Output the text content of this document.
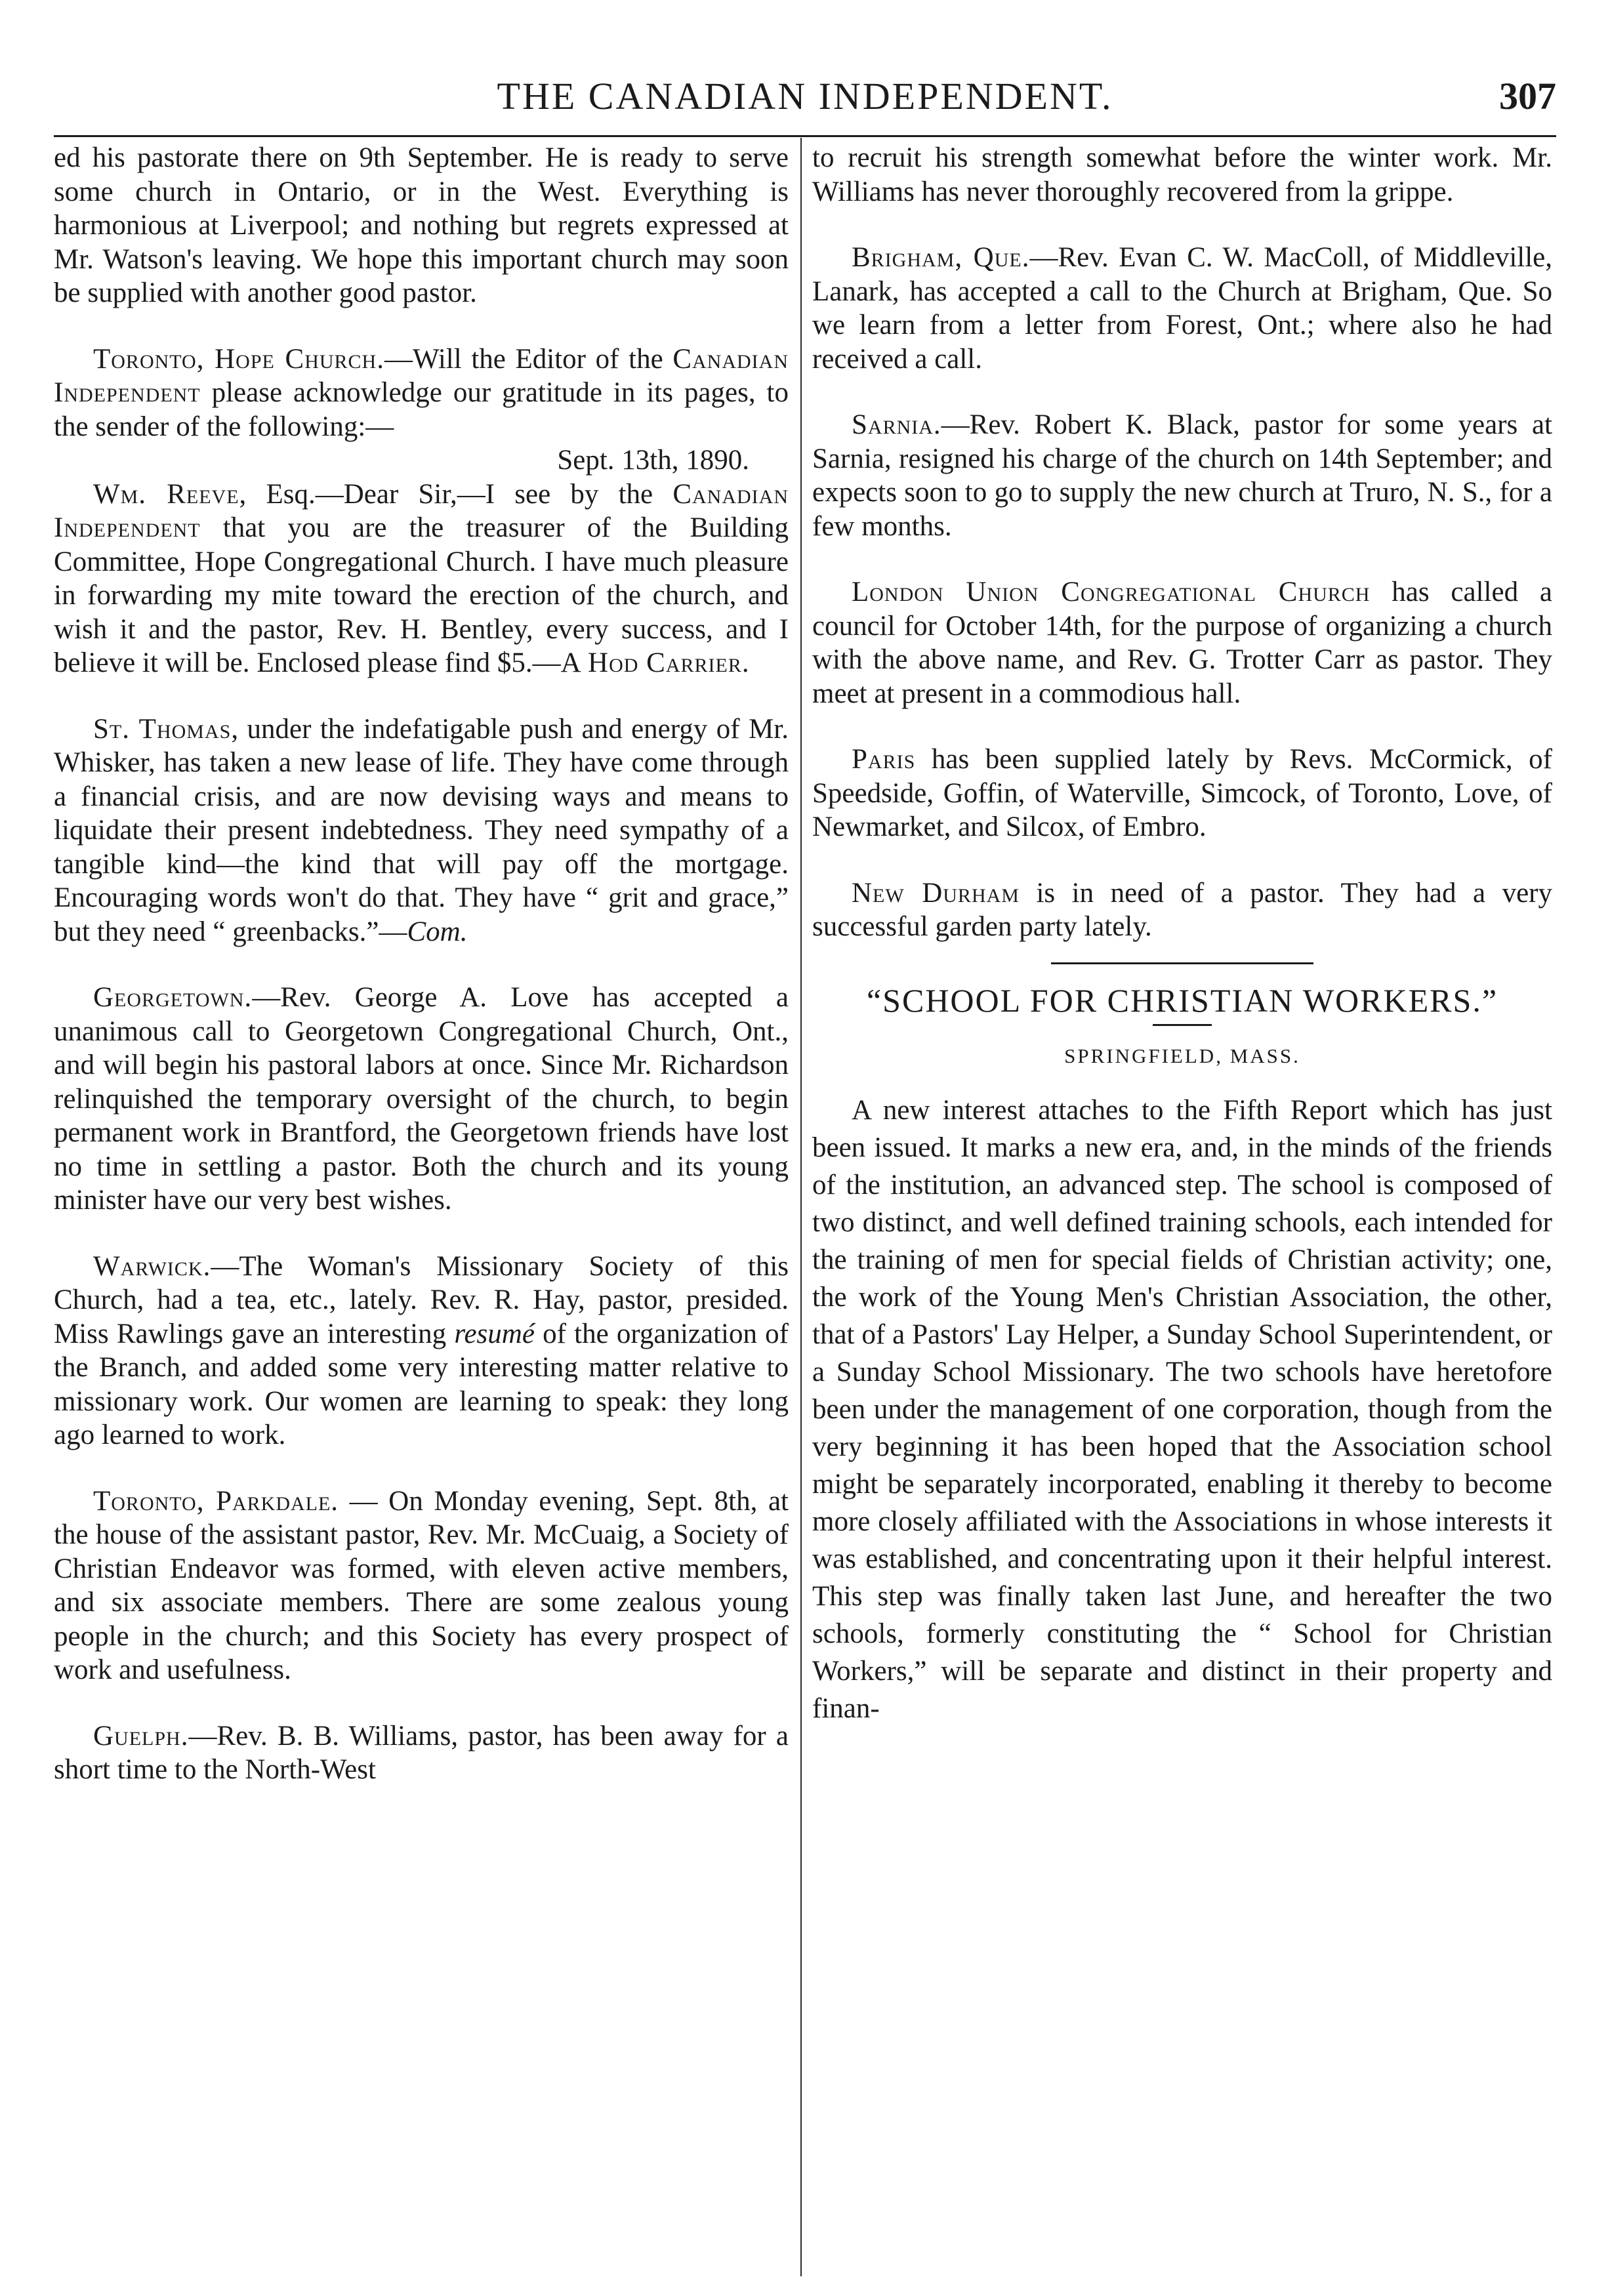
THE CANADIAN INDEPENDENT.	307

ed his pastorate there on 9th September. He is ready to serve some church in Ontario, or in the West. Everything is harmonious at Liverpool; and nothing but regrets expressed at Mr. Watson's leaving. We hope this important church may soon be supplied with another good pastor.

Toronto, Hope Church.—Will the Editor of the Canadian Independent please acknowledge our gratitude in its pages, to the sender of the following:—

Sept. 13th, 1890.

Wm. Reeve, Esq.—Dear Sir,—I see by the Canadian Independent that you are the treasurer of the Building Committee, Hope Congregational Church. I have much pleasure in forwarding my mite toward the erection of the church, and wish it and the pastor, Rev. H. Bentley, every success, and I believe it will be. Enclosed please find $5.—A Hod Carrier.

St. Thomas, under the indefatigable push and energy of Mr. Whisker, has taken a new lease of life. They have come through a financial crisis, and are now devising ways and means to liquidate their present indebtedness. They need sympathy of a tangible kind—the kind that will pay off the mortgage. Encouraging words won't do that. They have “ grit and grace,” but they need “ greenbacks.”—Com.

Georgetown.—Rev. George A. Love has accepted a unanimous call to Georgetown Congregational Church, Ont., and will begin his pastoral labors at once. Since Mr. Richardson relinquished the temporary oversight of the church, to begin permanent work in Brantford, the Georgetown friends have lost no time in settling a pastor. Both the church and its young minister have our very best wishes.

Warwick.—The Woman's Missionary Society of this Church, had a tea, etc., lately. Rev. R. Hay, pastor, presided. Miss Rawlings gave an interesting resumé of the organization of the Branch, and added some very interesting matter relative to missionary work. Our women are learning to speak: they long ago learned to work.

Toronto, Parkdale. — On Monday evening, Sept. 8th, at the house of the assistant pastor, Rev. Mr. McCuaig, a Society of Christian Endeavor was formed, with eleven active members, and six associate members. There are some zealous young people in the church; and this Society has every prospect of work and usefulness.

Guelph.—Rev. B. B. Williams, pastor, has been away for a short time to the North-West

to recruit his strength somewhat before the winter work. Mr. Williams has never thoroughly recovered from la grippe.

Brigham, Que.—Rev. Evan C. W. MacColl, of Middleville, Lanark, has accepted a call to the Church at Brigham, Que. So we learn from a letter from Forest, Ont.; where also he had received a call.

Sarnia.—Rev. Robert K. Black, pastor for some years at Sarnia, resigned his charge of the church on 14th September; and expects soon to go to supply the new church at Truro, N. S., for a few months.

London Union Congregational Church has called a council for October 14th, for the purpose of organizing a church with the above name, and Rev. G. Trotter Carr as pastor. They meet at present in a commodious hall.

Paris has been supplied lately by Revs. McCormick, of Speedside, Goffin, of Waterville, Simcock, of Toronto, Love, of Newmarket, and Silcox, of Embro.

New Durham is in need of a pastor. They had a very successful garden party lately.

“SCHOOL FOR CHRISTIAN WORKERS.”
SPRINGFIELD, MASS.

A new interest attaches to the Fifth Report which has just been issued. It marks a new era, and, in the minds of the friends of the institution, an advanced step. The school is composed of two distinct, and well defined training schools, each intended for the training of men for special fields of Christian activity; one, the work of the Young Men's Christian Association, the other, that of a Pastors' Lay Helper, a Sunday School Superintendent, or a Sunday School Missionary. The two schools have heretofore been under the management of one corporation, though from the very beginning it has been hoped that the Association school might be separately incorporated, enabling it thereby to become more closely affiliated with the Associations in whose interests it was established, and concentrating upon it their helpful interest. This step was finally taken last June, and hereafter the two schools, formerly constituting the “ School for Christian Workers,” will be separate and distinct in their property and finan-
